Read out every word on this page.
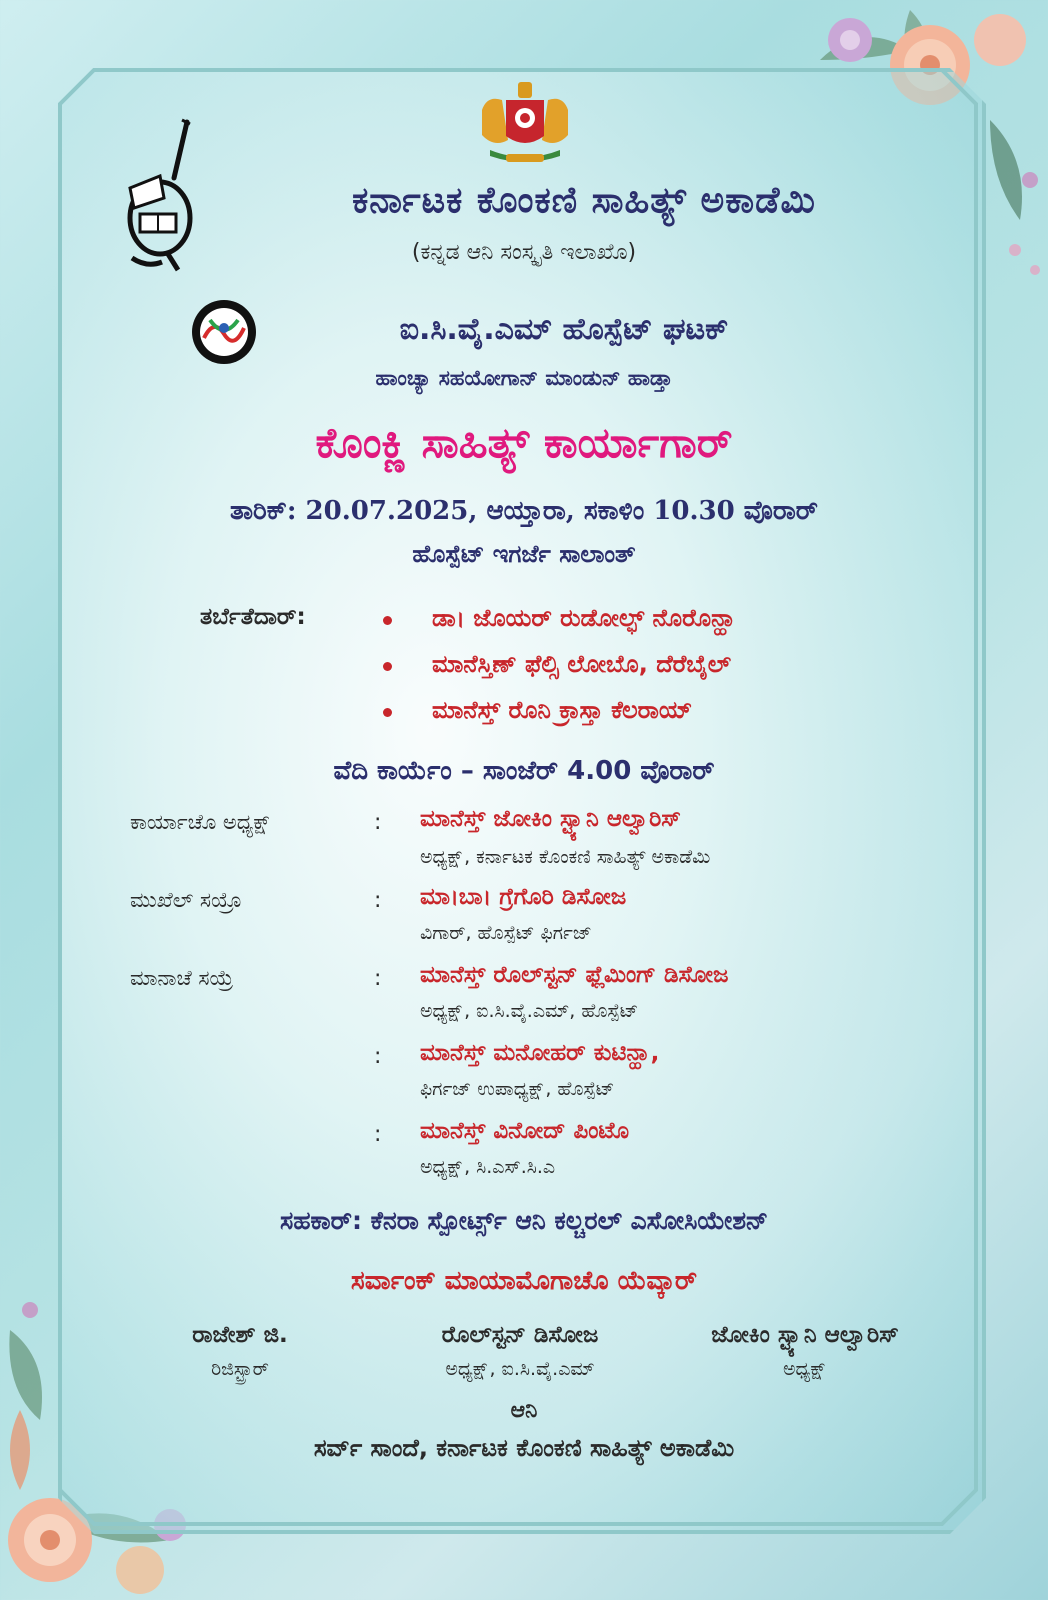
ಕರ್ನಾಟಕ ಕೊಂಕಣಿ ಸಾಹಿತ್ಯ್ ಅಕಾಡೆಮಿ
(ಕನ್ನಡ ಆನಿ ಸಂಸ್ಕೃತಿ ಇಲಾಖೊ)
ಐ.ಸಿ.ವೈ.ಎಮ್ ಹೊಸ್ಪೆಟ್ ಘಟಕ್
ಹಾಂಚ್ಯಾ ಸಹಯೋಗಾನ್ ಮಾಂಡುನ್ ಹಾಡ್ತಾ
ಕೊಂಕ್ಣಿ ಸಾಹಿತ್ಯ್ ಕಾರ್ಯಾಗಾರ್
ತಾರಿಕ್: 20.07.2025, ಆಯ್ತಾರಾ, ಸಕಾಳಿಂ 10.30 ವೊರಾರ್
ಹೊಸ್ಪೆಟ್ ಇಗರ್ಜೆ ಸಾಲಾಂತ್
ತರ್ಬೆತೆದಾರ್:	ಡಾ। ಜೊಯರ್ ರುಡೋಲ್ಫ್ ನೊರೊನ್ಹಾ
ಮಾನೆಸ್ತಿಣ್ ಫೆಲ್ಸಿ ಲೋಬೊ, ದೆರೆಬೈಲ್
ಮಾನೆಸ್ತ್ ರೊನಿ ಕ್ರಾಸ್ತಾ ಕೆಲರಾಯ್
ವೆದಿ ಕಾರ್ಯೆಂ – ಸಾಂಜೆರ್ 4.00 ವೊರಾರ್
ಕಾರ್ಯಾಚೊ ಅಧ್ಯಕ್ಷ್	: ಮಾನೆಸ್ತ್ ಜೋಕಿಂ ಸ್ಟ್ಯಾನಿ ಆಲ್ವಾರಿಸ್
ಅಧ್ಯಕ್ಷ್, ಕರ್ನಾಟಕ ಕೊಂಕಣಿ ಸಾಹಿತ್ಯ್ ಅಕಾಡೆಮಿ
ಮುಖೆಲ್ ಸಯ್ರೊ	: ಮಾ।ಬಾ। ಗ್ರೆಗೊರಿ ಡಿಸೋಜ
ವಿಗಾರ್, ಹೊಸ್ಪೆಟ್ ಫಿರ್ಗಜ್
ಮಾನಾಚೆ ಸಯ್ರೆ	: ಮಾನೆಸ್ತ್ ರೊಲ್‌ಸ್ಟನ್ ಫ್ಲೆಮಿಂಗ್ ಡಿಸೋಜ
ಅಧ್ಯಕ್ಷ್, ಐ.ಸಿ.ವೈ.ಎಮ್, ಹೊಸ್ಪೆಟ್
: ಮಾನೆಸ್ತ್ ಮನೋಹರ್ ಕುಟಿನ್ಹಾ,
ಫಿರ್ಗಜ್ ಉಪಾಧ್ಯಕ್ಷ್, ಹೊಸ್ಪೆಟ್
: ಮಾನೆಸ್ತ್ ವಿನೋದ್ ಪಿಂಟೊ
ಅಧ್ಯಕ್ಷ್, ಸಿ.ಎಸ್.ಸಿ.ಎ
ಸಹಕಾರ್: ಕೆನರಾ ಸ್ಪೋರ್ಟ್ಸ್ ಆನಿ ಕಲ್ಚರಲ್ ಎಸೋಸಿಯೇಶನ್
ಸರ್ವಾಂಕ್ ಮಾಯಾಮೊಗಾಚೊ ಯೆವ್ಕಾರ್
ರಾಜೇಶ್ ಜಿ.
ರಿಜಿಸ್ಟ್ರಾರ್
ರೊಲ್‌ಸ್ಟನ್ ಡಿಸೋಜ
ಅಧ್ಯಕ್ಷ್, ಐ.ಸಿ.ವೈ.ಎಮ್
ಜೋಕಿಂ ಸ್ಟ್ಯಾನಿ ಆಲ್ವಾರಿಸ್
ಅಧ್ಯಕ್ಷ್
ಆನಿ
ಸರ್ವ್ ಸಾಂದೆ, ಕರ್ನಾಟಕ ಕೊಂಕಣಿ ಸಾಹಿತ್ಯ್ ಅಕಾಡೆಮಿ
